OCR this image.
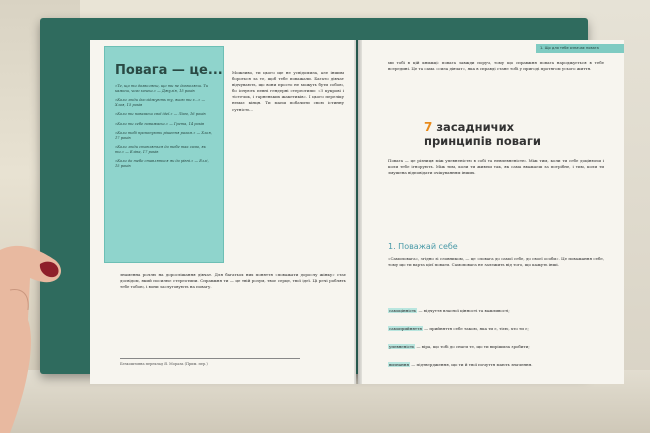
Повага — це...
«Те, що ти дозволяєш, що ти не дозволяєш. Ти кажеш, чого хочеш.» — Джулія, 15 років
«Коли люди досліджують ту, якою ти є...» — Хлоя, 15 років
«Коли ти повагаєш свої ідеї.» — Ліам, 16 років
«Коли ти себе поважаєш.» — Грета, 14 років
«Коли тобі пропонують рішення разом.» — Хлоя, 17 років
«Коли люди ставляться до тебе так само, як ти.» — Еліна, 17 років
«Коли до тебе ставляться як до рівні.» — Еллі, 15 років
Можливо, ти цього ще не усвідомила, але іншим бороться за те, щоб тебе поважали. Багато дівчат відчувають, що вони просто не можуть бути собою, бо існують певні гендерні стереотипи: «З цукрові і тістечок, і гарненьких жакетиків». І цього переліку немає кінця. Ти маєш побачити свою істинну сутність...
знаменна роллю на дорослішання дівчат. Для багатьох них поняття «поважати дорослу жінку» стає досвідом, який посилює стереотипи. Справжня ти — це твій розум, твоє серце, твої ідеї. Ці речі роблять тебе тобою, і вони заслуговують на повагу.
Безкоштовна переклад Я. Морала (Прим. пер.)
1. Що для тебе означає повага
ми тобі в цій книжці: повага завжди поруч, тому що справжня повага народжується в тебе всередині. Це та сама «сила дівчат», яка в справді стане тобі у пригоді протягом усього життя.
7 засадничих принципів поваги
Повага — це різниця між упевненістю в собі та невпевненістю. Між тим, коли ти себе доцінюєш і коли тебе ігнорують. Між тим, коли ти живеш так, як сама вважаєш за потрібне, і тим, коли ти змушена відповідати очікуванням інших.
1. Поважай себе
«Самоповага», згідно зі словником, — це «повага до самої себе, до своєї особи». Це поважання себе, тому що ти варта цієї поваги. Самоповага не залежить від того, що кажуть інші.
самоцінність — відчуття власної цінності та важливості;
самоприйняття — прийняття себе такою, яка ти є, тією, хто ти є;
упевненість — віра, що тобі до снаги те, що ти вирішила зробити;
визнання — підтвердження, що ти й твої почуття мають значення.
